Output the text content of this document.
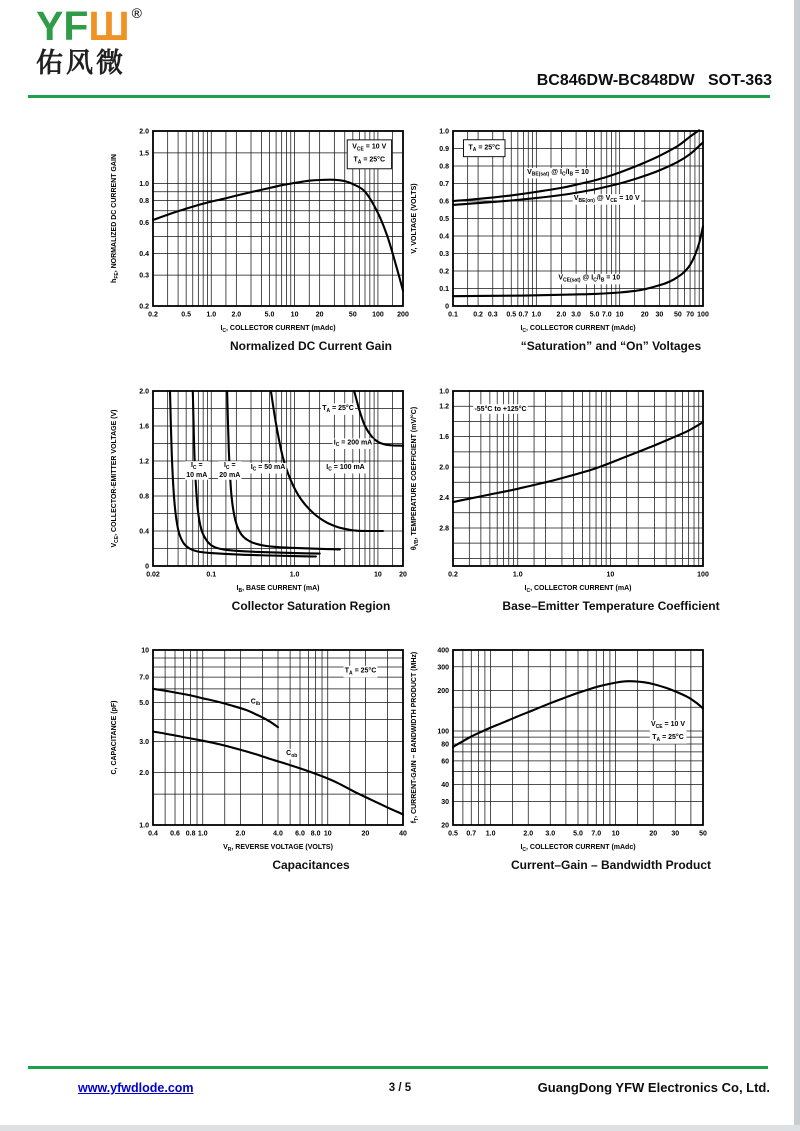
YFШ ®
佑风微
BC846DW-BC848DW   SOT-363
$V_{CE} = 10$ V
$T_A = 25^\circ C$
0.2	0.5 1.0 2.0	5.0 10 20	50 100 200
2.0
1.5
1.0
0.8
0.6
0.4
0.3
0.2
$I_C$, COLLECTOR CURRENT (mAdc)
$h_{FE}$, NORMALIZED DC CURRENT GAIN
Normalized DC Current Gain
$T_A = 25^\circ C$
$V_{BE(sat)}$ @ $I_C/I_B = 10$
$V_{BE(on)}$ @ $V_{CE} = 10$ V
$V_{CE(sat)}$ @ $I_C/I_B = 10$
0.1 0.2 0.3 0.5 0.7 1.0 2.0 3.0 5.0 7.0 10 20 30 50 70 100
1.0
0.9
0.8
0.7
0.6
0.5
0.4
0.3
0.2
0.1
0
$I_C$, COLLECTOR CURRENT (mAdc)
V, VOLTAGE (VOLTS)
“Saturation” and “On” Voltages
$T_A = 25^\circ C$
$I_C$ =
10 mA
$I_C$ =
20 mA
$I_C = 50$ mA	$I_C = 100$ mA
$I_C = 200$ mA
0.02	0.1	1.0	10 20
2.0
1.6
1.2
0.8
0.4
0
$I_B$, BASE CURRENT (mA)
$V_{CE}$, COLLECTOR-EMITTER VOLTAGE (V)
Collector Saturation Region
-55°C to +125°C
0.2	1.0	10	100
1.0
1.2
1.6
2.0
2.4
2.8
$I_C$, COLLECTOR CURRENT (mA)
$\theta_{VB}$, TEMPERATURE COEFFICIENT (mV/°C)
Base–Emitter Temperature Coefficient
$T_A = 25^\circ C$
$C_{ib}$
$C_{ob}$
0.4 0.6 0.8 1.0	2.0	4.0 6.0 8.0 10	20	40
10
7.0
5.0
3.0
2.0
1.0
$V_R$, REVERSE VOLTAGE (VOLTS)
C, CAPACITANCE (pF)
Capacitances
$V_{CE} = 10$ V
$T_A = 25^\circ C$
0.5 0.7 1.0	2.0 3.0	5.0 7.0 10	20 30	50
400
300
200
100
80
60
40
30
20
$I_C$, COLLECTOR CURRENT (mAdc)
$f_T$, CURRENT-GAIN – BANDWIDTH PRODUCT (MHz)
Current–Gain – Bandwidth Product
www.yfwdlode.com	3 / 5	GuangDong YFW Electronics Co, Ltd.
